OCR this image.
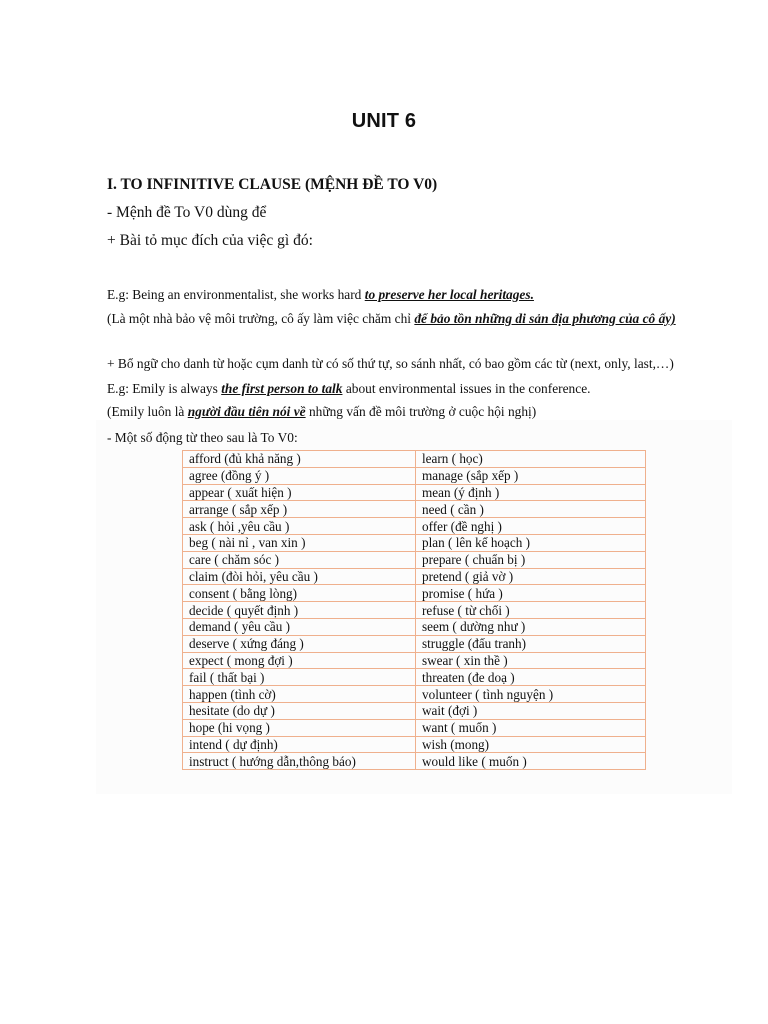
UNIT 6
I. TO INFINITIVE CLAUSE (MỆNH ĐỀ TO V0)
- Mệnh đề To V0 dùng để
+ Bài tỏ mục đích của việc gì đó:
E.g: Being an environmentalist, she works hard to preserve her local heritages.
(Là một nhà bảo vệ môi trường, cô ấy làm việc chăm chỉ để bảo tồn những di sản địa phương của cô ấy)
+ Bổ ngữ cho danh từ hoặc cụm danh từ có số thứ tự, so sánh nhất, có bao gồm các từ (next, only, last,…)
E.g: Emily is always the first person to talk about environmental issues in the conference.
(Emily luôn là người đầu tiên nói về những vấn đề môi trường ở cuộc hội nghị)
- Một số động từ theo sau là To V0:
afford (đủ khả năng )	learn ( học)
agree (đồng ý )	manage (sắp xếp )
appear ( xuất hiện )	mean (ý định )
arrange ( sắp xếp )	need ( cần )
ask ( hỏi ,yêu cầu )	offer (đề nghị )
beg ( nài nỉ , van xin )	plan ( lên kế hoạch )
care ( chăm sóc )	prepare ( chuẩn bị )
claim (đòi hỏi, yêu cầu )	pretend ( giả vờ )
consent ( bằng lòng)	promise ( hứa )
decide ( quyết định )	refuse ( từ chối )
demand ( yêu cầu )	seem ( dường như )
deserve ( xứng đáng )	struggle (đấu tranh)
expect ( mong đợi )	swear ( xin thề )
fail ( thất bại )	threaten (đe doạ )
happen (tình cờ)	volunteer ( tình nguyện )
hesitate (do dự )	wait (đợi )
hope (hi vọng )	want ( muốn )
intend ( dự định)	wish (mong)
instruct ( hướng dẫn,thông báo)	would like ( muốn )
